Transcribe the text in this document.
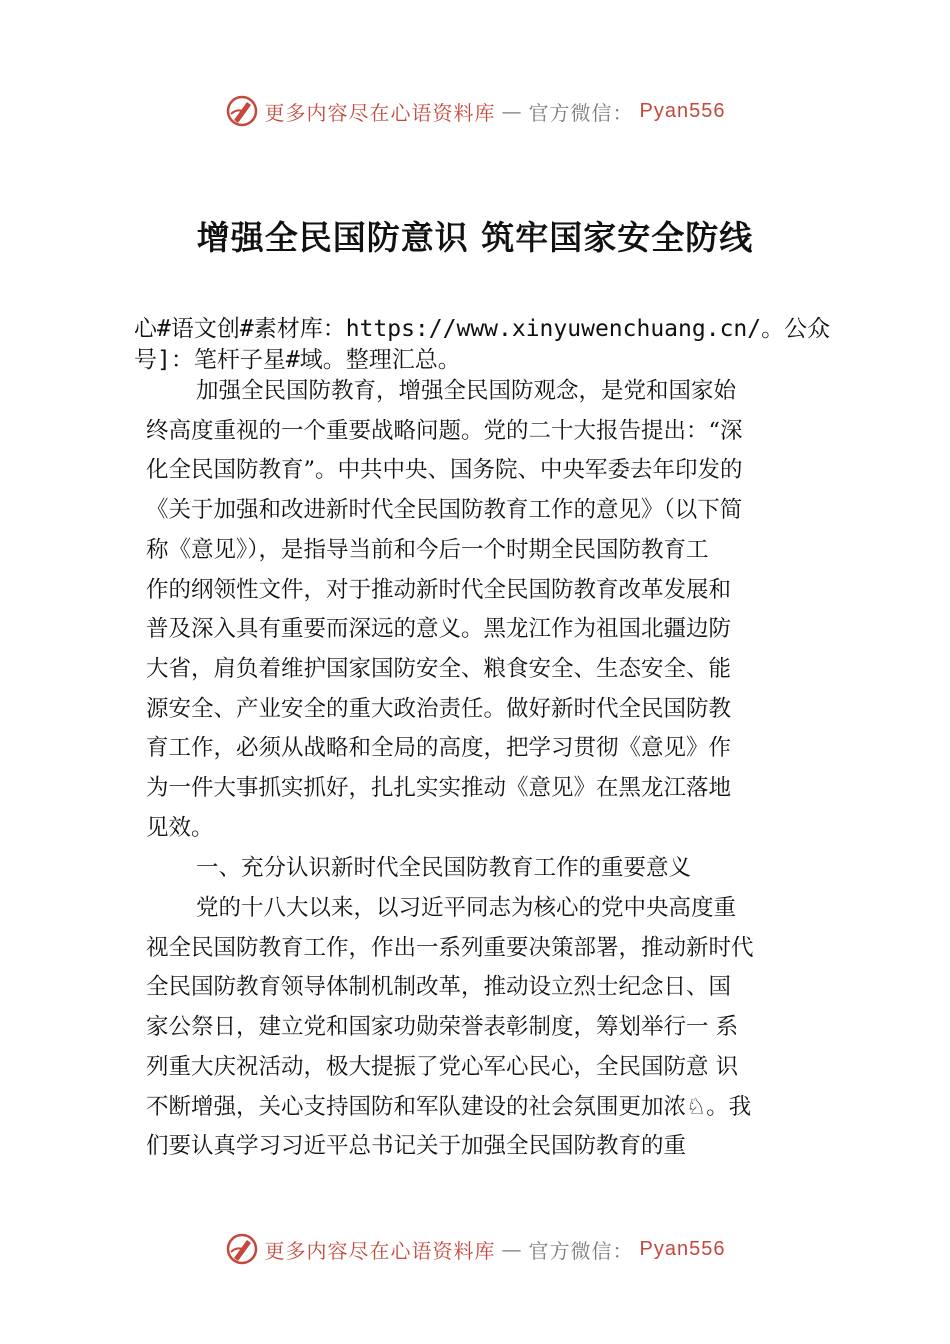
更多内容尽在心语资料库 — 官方微信： Pyan556
增强全民国防意识 筑牢国家安全防线
心#语文创#素材库：https://www.xinyuwenchuang.cn/。公众
号]：笔杆子星#域。整理汇总。
加强全民国防教育，增强全民国防观念，是党和国家始
终高度重视的一个重要战略问题。党的二十大报告提出：“深
化全民国防教育”。中共中央、国务院、中央军委去年印发的
《关于加强和改进新时代全民国防教育工作的意见》（以下简
称《意见》），是指导当前和今后一个时期全民国防教育工
作的纲领性文件，对于推动新时代全民国防教育改革发展和
普及深入具有重要而深远的意义。黑龙江作为祖国北疆边防
大省，肩负着维护国家国防安全、粮食安全、生态安全、能
源安全、产业安全的重大政治责任。做好新时代全民国防教
育工作，必须从战略和全局的高度，把学习贯彻《意见》作
为一件大事抓实抓好，扎扎实实推动《意见》在黑龙江落地
见效。
一、充分认识新时代全民国防教育工作的重要意义
党的十八大以来，以习近平同志为核心的党中央高度重
视全民国防教育工作，作出一系列重要决策部署，推动新时代
全民国防教育领导体制机制改革，推动设立烈士纪念日、国
家公祭日，建立党和国家功勋荣誉表彰制度，筹划举行一 系
列重大庆祝活动，极大提振了党心军心民心，全民国防意 识
不断增强，关心支持国防和军队建设的社会氛围更加浓♘。我
们要认真学习习近平总书记关于加强全民国防教育的重
更多内容尽在心语资料库 — 官方微信： Pyan556
